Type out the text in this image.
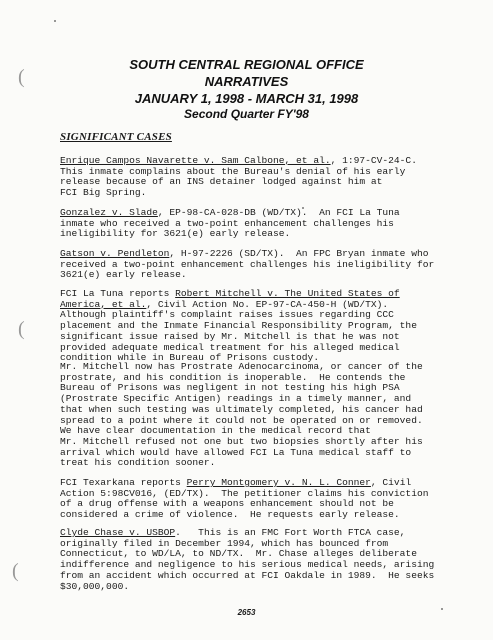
(
(
(
SOUTH CENTRAL REGIONAL OFFICE
NARRATIVES
JANUARY 1, 1998 - MARCH 31, 1998
Second Quarter FY'98
SIGNIFICANT CASES
Enrique Campos Navarette v. Sam Calbone, et al., 1:97-CV-24-C.
This inmate complains about the Bureau's denial of his early
release because of an INS detainer lodged against him at
FCI Big Spring.
Gonzalez v. Slade, EP-98-CA-028-DB (WD/TX).  An FCI La Tuna
inmate who received a two-point enhancement challenges his
ineligibility for 3621(e) early release.
Gatson v. Pendleton, H-97-2226 (SD/TX).  An FPC Bryan inmate who
received a two-point enhancement challenges his ineligibility for
3621(e) early release.
FCI La Tuna reports Robert Mitchell v. The United States of
America, et al., Civil Action No. EP-97-CA-450-H (WD/TX).
Although plaintiff's complaint raises issues regarding CCC
placement and the Inmate Financial Responsibility Program, the
significant issue raised by Mr. Mitchell is that he was not
provided adequate medical treatment for his alleged medical
condition while in Bureau of Prisons custody.
Mr. Mitchell now has Prostrate Adenocarcinoma, or cancer of the
prostrate, and his condition is inoperable.  He contends the
Bureau of Prisons was negligent in not testing his high PSA
(Prostrate Specific Antigen) readings in a timely manner, and
that when such testing was ultimately completed, his cancer had
spread to a point where it could not be operated on or removed.
We have clear documentation in the medical record that
Mr. Mitchell refused not one but two biopsies shortly after his
arrival which would have allowed FCI La Tuna medical staff to
treat his condition sooner.
FCI Texarkana reports Perry Montgomery v. N. L. Conner, Civil
Action 5:98CV016, (ED/TX).  The petitioner claims his conviction
of a drug offense with a weapons enhancement should not be
considered a crime of violence.  He requests early release.
Clyde Chase v. USBOP.   This is an FMC Fort Worth FTCA case,
originally filed in December 1994, which has bounced from
Connecticut, to WD/LA, to ND/TX.  Mr. Chase alleges deliberate
indifference and negligence to his serious medical needs, arising
from an accident which occurred at FCI Oakdale in 1989.  He seeks
$30,000,000.
2653
